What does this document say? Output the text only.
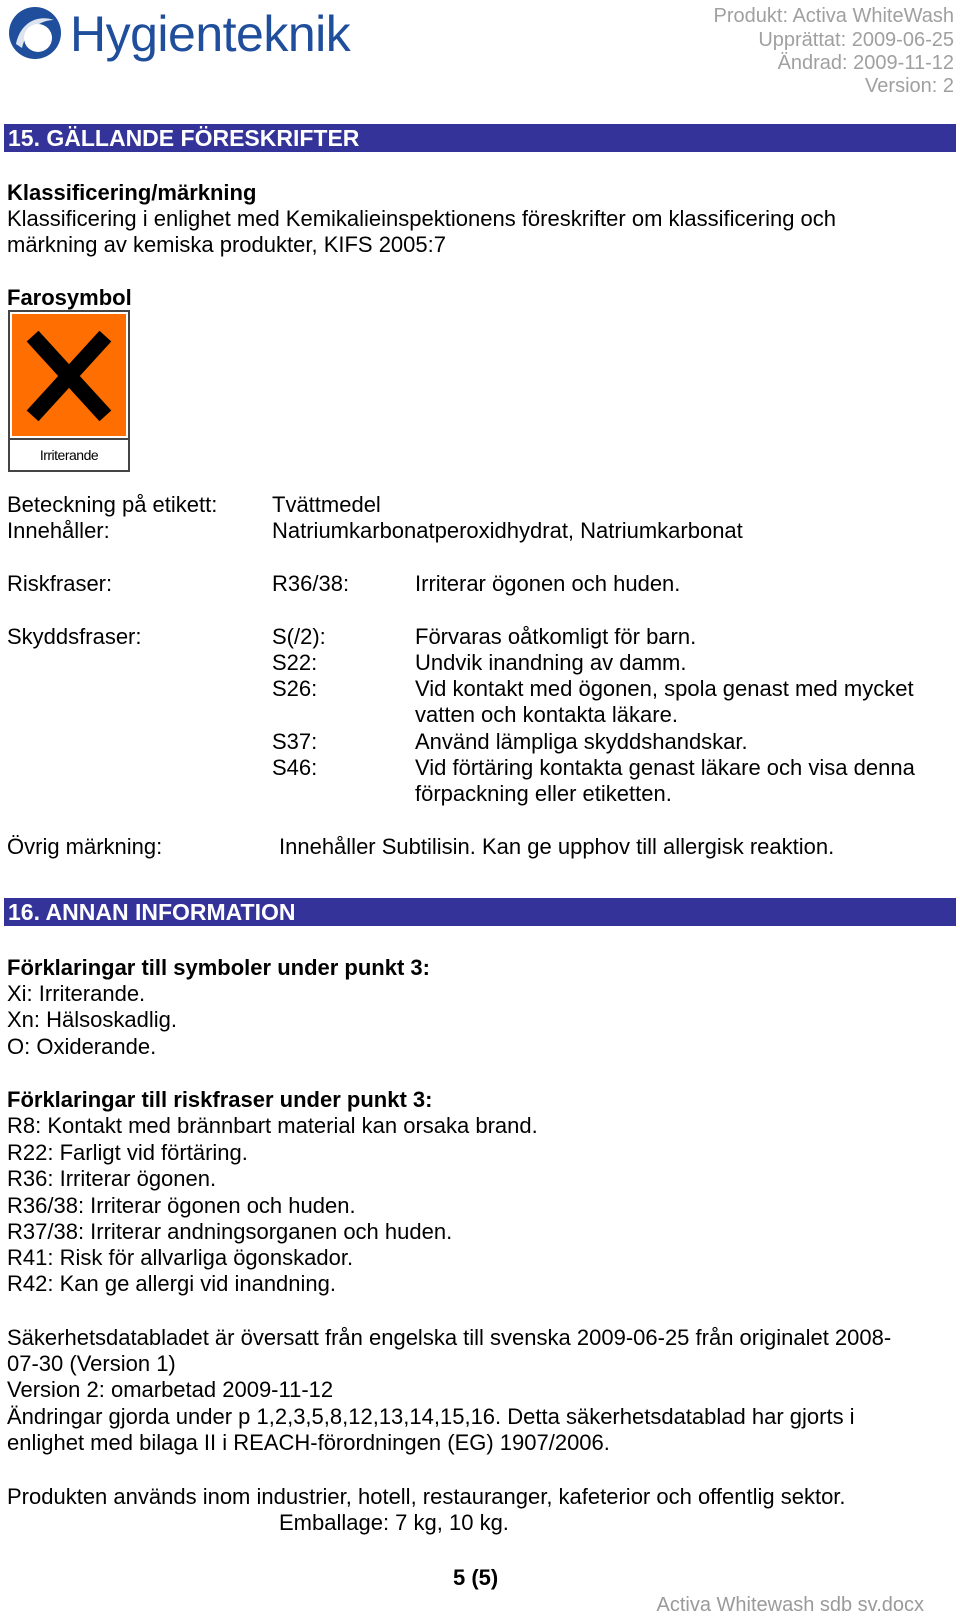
Hygienteknik	Produkt: Activa WhiteWash
Upprättat: 2009-06-25
Ändrad: 2009-11-12
Version: 2
15. GÄLLANDE FÖRESKRIFTER
Klassificering/märkning
Klassificering i enlighet med Kemikalieinspektionens föreskrifter om klassificering och
märkning av kemiska produkter, KIFS 2005:7
Farosymbol
Irriterande
Beteckning på etikett: Tvättmedel
Innehåller:	Natriumkarbonatperoxidhydrat, Natriumkarbonat
Riskfraser:	R36/38:	Irriterar ögonen och huden.
Skyddsfraser:	S(/2):	Förvaras oåtkomligt för barn.
S22:	Undvik inandning av damm.
S26:	Vid kontakt med ögonen, spola genast med mycket
vatten och kontakta läkare.
S37:	Använd lämpliga skyddshandskar.
S46:	Vid förtäring kontakta genast läkare och visa denna
förpackning eller etiketten.
Övrig märkning:	Innehåller Subtilisin. Kan ge upphov till allergisk reaktion.
16. ANNAN INFORMATION
Förklaringar till symboler under punkt 3:
Xi: Irriterande.
Xn: Hälsoskadlig.
O: Oxiderande.
Förklaringar till riskfraser under punkt 3:
R8: Kontakt med brännbart material kan orsaka brand.
R22: Farligt vid förtäring.
R36: Irriterar ögonen.
R36/38: Irriterar ögonen och huden.
R37/38: Irriterar andningsorganen och huden.
R41: Risk för allvarliga ögonskador.
R42: Kan ge allergi vid inandning.
Säkerhetsdatabladet är översatt från engelska till svenska 2009-06-25 från originalet 2008-
07-30 (Version 1)
Version 2: omarbetad 2009-11-12
Ändringar gjorda under p 1,2,3,5,8,12,13,14,15,16. Detta säkerhetsdatablad har gjorts i
enlighet med bilaga II i REACH-förordningen (EG) 1907/2006.
Produkten används inom industrier, hotell, restauranger, kafeterior och offentlig sektor.
Emballage: 7 kg, 10 kg.
5 (5)
Activa Whitewash sdb sv.docx
